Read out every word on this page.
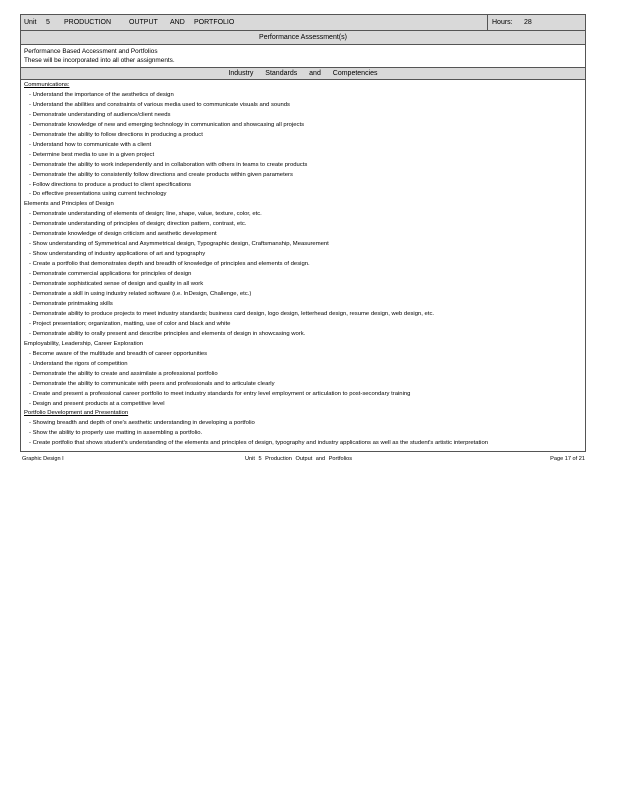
Unit	5	PRODUCTION	OUTPUT	AND	PORTFOLIO	Hours:	28
Performance Assessment(s)
Performance Based Accessment and Portfolios
These will be incorporated into all other assignments.
Industry Standards and Competencies
Communications:
- Understand the importance of the aesthetics of design
- Understand the abilities and constraints of various media used to communicate visuals and sounds
- Demonstrate understanding of audience/client needs
- Demonstrate knowledge of new and emerging technology in communication and showcasing all projects
- Demonstrate the ability to follow directions in producing a product
- Understand how to communicate with a client
- Determine best media to use in a given project
- Demonstrate the ability to work independently and in collaboration with others in teams to create products
- Demonstrate the ability to consistently follow directions and create products within given parameters
- Follow directions to produce a product to client specifications
- Do effective presentations using current technology
Elements and Principles of Design
- Demonstrate understanding of elements of design; line, shape, value, texture, color, etc.
- Demonstrate understanding of principles of design; direction pattern, contrast, etc.
- Demonstrate knowledge of design criticism and aesthetic development
- Show understanding of Symmetrical and Asymmetrical design, Typographic design, Craftsmanship, Measurement
- Show understanding of industry applications of art and typography
- Create a portfolio that demonstrates depth and breadth of knowledge of principles and elements of design.
- Demonstrate commercial applications for principles of design
- Demonstrate sophisticated sense of design and quality in all work
- Demonstrate a skill in using industry related software (i.e. InDesign, Challenge, etc.)
- Demonstrate printmaking skills
- Demonstrate ability to produce projects to meet industry standards; business card design, logo design, letterhead design, resume design, web design, etc.
- Project presentation; organization, matting, use of color and black and white
- Demonstrate ability to orally present and describe principles and elements of design in showcasing work.
Employability, Leadership, Career Exploration
- Become aware of the multitude and breadth of career opportunities
- Understand the rigors of competition
- Demonstrate the ability to create and assimilate a professional portfolio
- Demonstrate the ability to communicate with peers and professionals and to articulate clearly
- Create and present a professional career portfolio to meet industry standards for entry level employment or articulation to post-secondary training
- Design and present products at a competitive level
Portfolio Development and Presentation
- Showing breadth and depth of one's aesthetic understanding in developing a portfolio
- Show the ability to properly use matting in assembling a portfolio.
- Create portfolio that shows student's understanding of the elements and principles of design, typography and industry applications as well as the student's artistic interpretation
Graphic Design I	Unit 5 Production Output and Portfolios	Page 17 of 21
